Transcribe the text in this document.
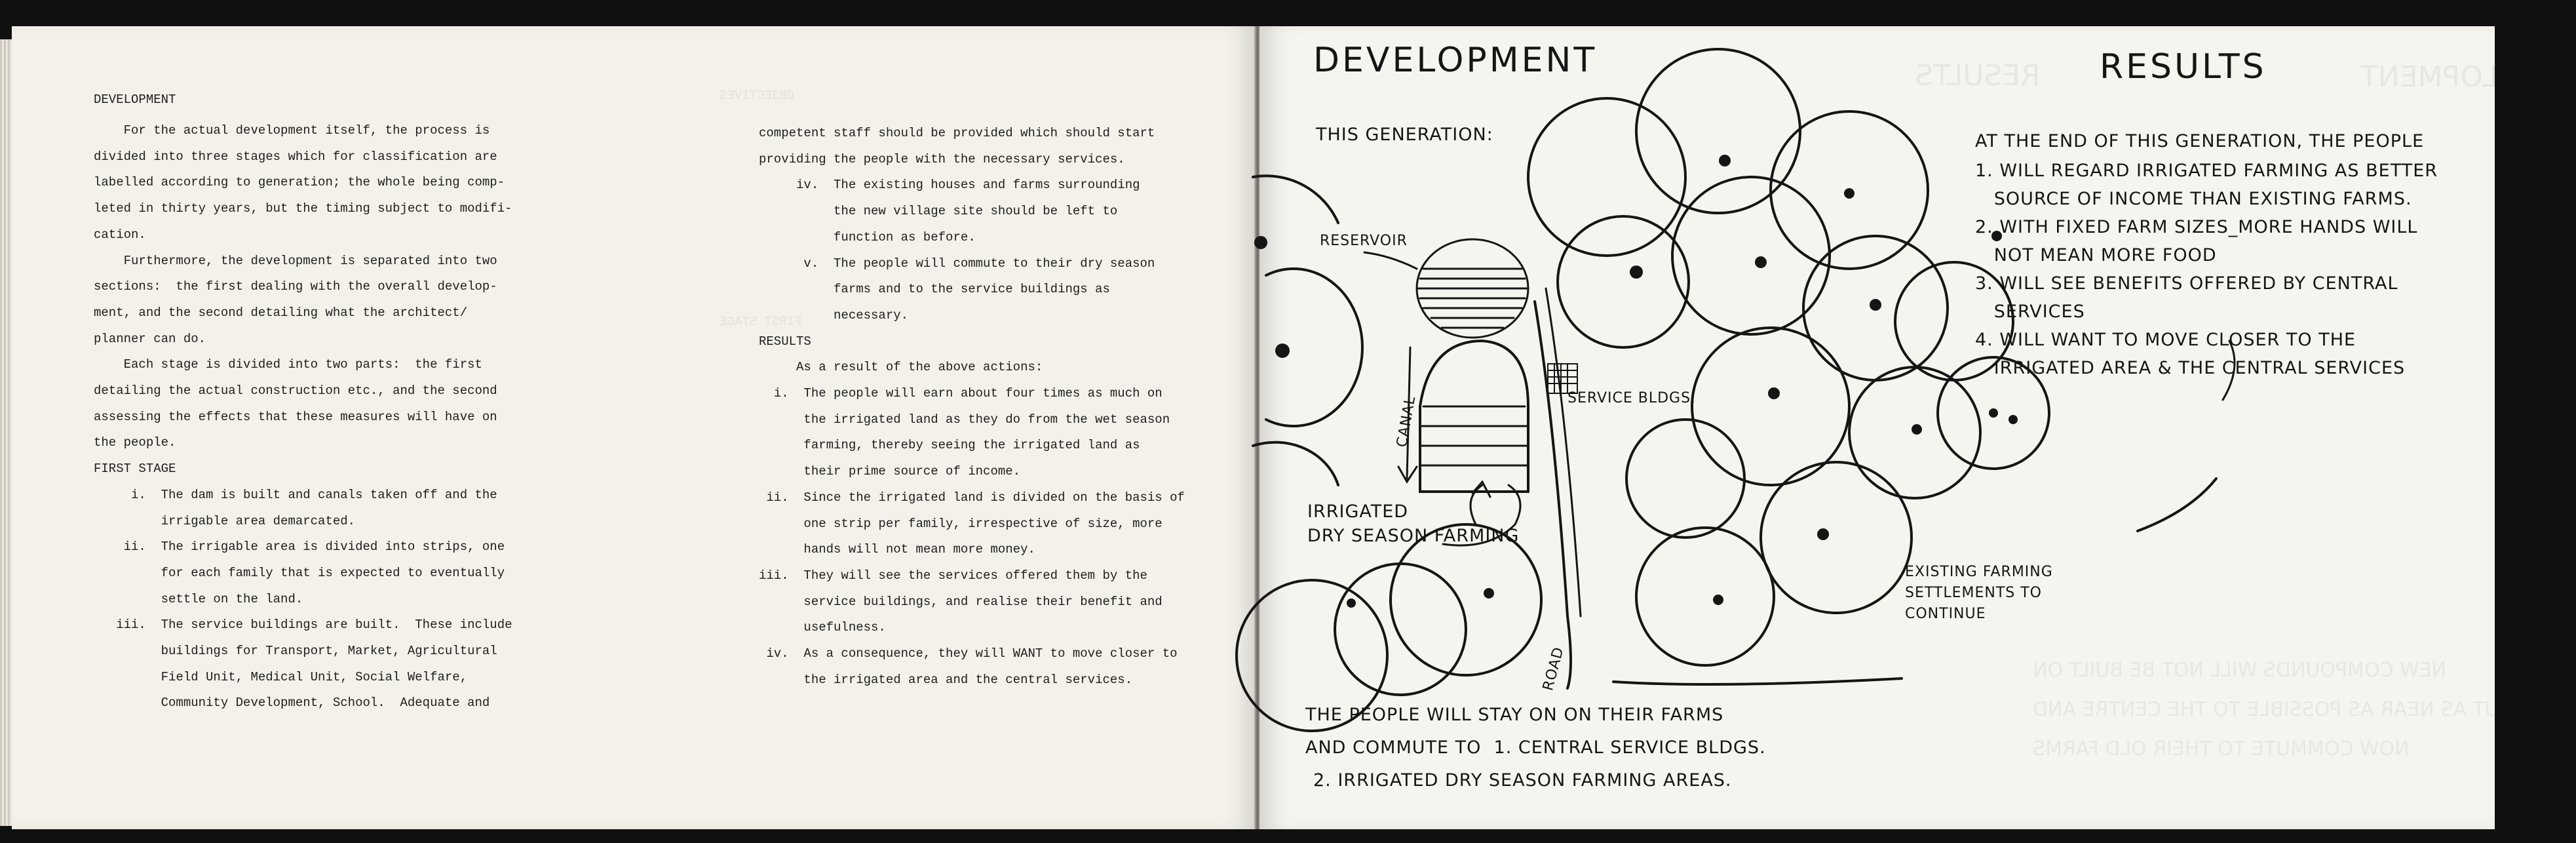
OBJECTIVES
FIRST STAGE
DEVELOPMENT
For the actual development itself, the process is
divided into three stages which for classification are
labelled according to generation; the whole being comp-
leted in thirty years, but the timing subject to modifi-
cation.
Furthermore, the development is separated into two
sections:  the first dealing with the overall develop-
ment, and the second detailing what the architect/
planner can do.
Each stage is divided into two parts:  the first
detailing the actual construction etc., and the second
assessing the effects that these measures will have on
the people.
FIRST STAGE
i.  The dam is built and canals taken off and the
irrigable area demarcated.
ii.  The irrigable area is divided into strips, one
for each family that is expected to eventually
settle on the land.
iii.  The service buildings are built.  These include
buildings for Transport, Market, Agricultural
Field Unit, Medical Unit, Social Welfare,
Community Development, School.  Adequate and
competent staff should be provided which should start
providing the people with the necessary services.
iv.  The existing houses and farms surrounding
the new village site should be left to
function as before.
v.  The people will commute to their dry season
farms and to the service buildings as
necessary.
RESULTS
As a result of the above actions:
i.  The people will earn about four times as much on
the irrigated land as they do from the wet season
farming, thereby seeing the irrigated land as
their prime source of income.
ii.  Since the irrigated land is divided on the basis of
one strip per family, irrespective of size, more
hands will not mean more money.
iii.  They will see the services offered them by the
service buildings, and realise their benefit and
usefulness.
iv.  As a consequence, they will WANT to move closer to
the irrigated area and the central services.
RESULTS	DEVELOPMENT
DEVELOPMENT	RESULTS
THIS GENERATION:
RESERVOIR
SERVICE BLDGS.
CANAL
ROAD
IRRIGATED
DRY SEASON FARMING
EXISTING FARMING
SETTLEMENTS TO
CONTINUE
AT THE END OF THIS GENERATION, THE PEOPLE
1. WILL REGARD IRRIGATED FARMING AS BETTER
SOURCE OF INCOME THAN EXISTING FARMS.
2. WITH FIXED FARM SIZES_MORE HANDS WILL
NOT MEAN MORE FOOD
3. WILL SEE BENEFITS OFFERED BY CENTRAL
SERVICES
4. WILL WANT TO MOVE CLOSER TO THE
IRRIGATED AREA & THE CENTRAL SERVICES
THE PEOPLE WILL STAY ON ON THEIR FARMS
AND COMMUTE TO  1. CENTRAL SERVICE BLDGS.
2. IRRIGATED DRY SEASON FARMING AREAS.
NEW COMPOUNDS WILL NOT BE BUILT ON
BUT AS NEAR AS POSSIBLE TO THE CENTRE AND
NOW COMMUTE TO THEIR OLD FARMS
